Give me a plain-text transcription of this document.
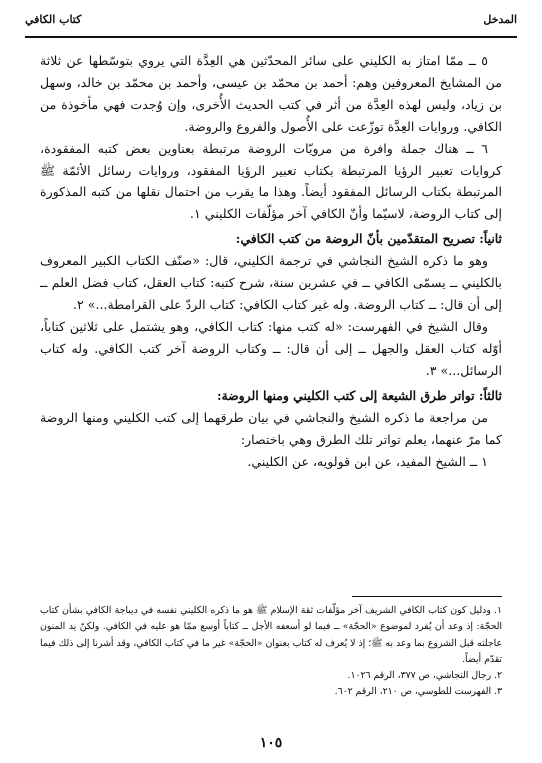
المدخل
كتاب الكافي

٥ ــ ممّا امتاز به الكليني على سائر المحدّثين هي العِدَّة التي يروي بتوسّطها عن ثلاثة من المشايخ المعروفين وهم: أحمد بن محمّد بن عيسى، وأحمد بن محمّد بن خالد، وسهل بن زياد، وليس لهذه العِدَّة من أثر في كتب الحديث الأُخرى، وإن وُجدت فهي مأخوذة من الكافي. وروايات العِدَّة توزّعت على الأُصول والفروع والروضة.

٦ ــ هناك جملة وافرة من مرويّات الروضة مرتبطة بعناوين بعض كتبه المفقودة، كروايات تعبير الرؤيا المرتبطة بكتاب تعبير الرؤيا المفقود، وروايات رسائل الأئمّة ﷺ المرتبطة بكتاب الرسائل المفقود أيضاً. وهذا ما يقرب من احتمال نقلها من كتبه المذكورة إلى كتاب الروضة، لاسيّما وأنّ الكافي آخر مؤلّفات الكليني ١.

ثانياً: تصريح المتقدّمين بأنّ الروضة من كتب الكافي:

وهو ما ذكره الشيخ النجاشي في ترجمة الكليني، قال: «صنّف الكتاب الكبير المعروف بالكليني ــ يسمّى الكافي ــ في عشرين سنة، شرح كتبه: كتاب العقل، كتاب فضل العلم ــ إلى أن قال: ــ كتاب الروضة. وله غير كتاب الكافي: كتاب الردّ على القرامطة...» ٢.

وقال الشيخ في الفهرست: «له كتب منها: كتاب الكافي، وهو يشتمل على ثلاثين كتاباً، أوّله كتاب العقل والجهل ــ إلى أن قال: ــ وكتاب الروضة آخر كتب الكافي. وله كتاب الرسائل...» ٣.

ثالثاً: تواتر طرق الشيعة إلى كتب الكليني ومنها الروضة:

من مراجعة ما ذكره الشيخ والنجاشي في بيان طرقهما إلى كتب الكليني ومنها الروضة كما مرّ عنهما، يعلم تواتر تلك الطرق وهي باختصار:

١ ــ الشيخ المفيد، عن ابن قولويه، عن الكليني.

١. ودليل كون كتاب الكافي الشريف آخر مؤلّفات ثقة الإسلام ﷺ هو ما ذكره الكليني نفسه في ديباجة الكافي بشأن كتاب الحجّة: إذ وعد أن يُفرد لموضوع «الحجّة» ــ فيما لو أسعفه الأجل ــ كتاباً أوسع ممّا هو عليه في الكافي. ولكنّ يد المنون عاجلته قبل الشروع بما وعد به ﷺ؛ إذ لا يُعرف له كتاب بعنوان «الحجّة» غير ما في كتاب الكافي، وقد أشرنا إلى ذلك فيما تقدّم أيضاً.

٢. رجال النجاشي، ص ٣٧٧، الرقم ١٠٢٦.

٣. الفهرست للطوسي، ص ٢١٠، الرقم ٦٠٢.

١٠٥
